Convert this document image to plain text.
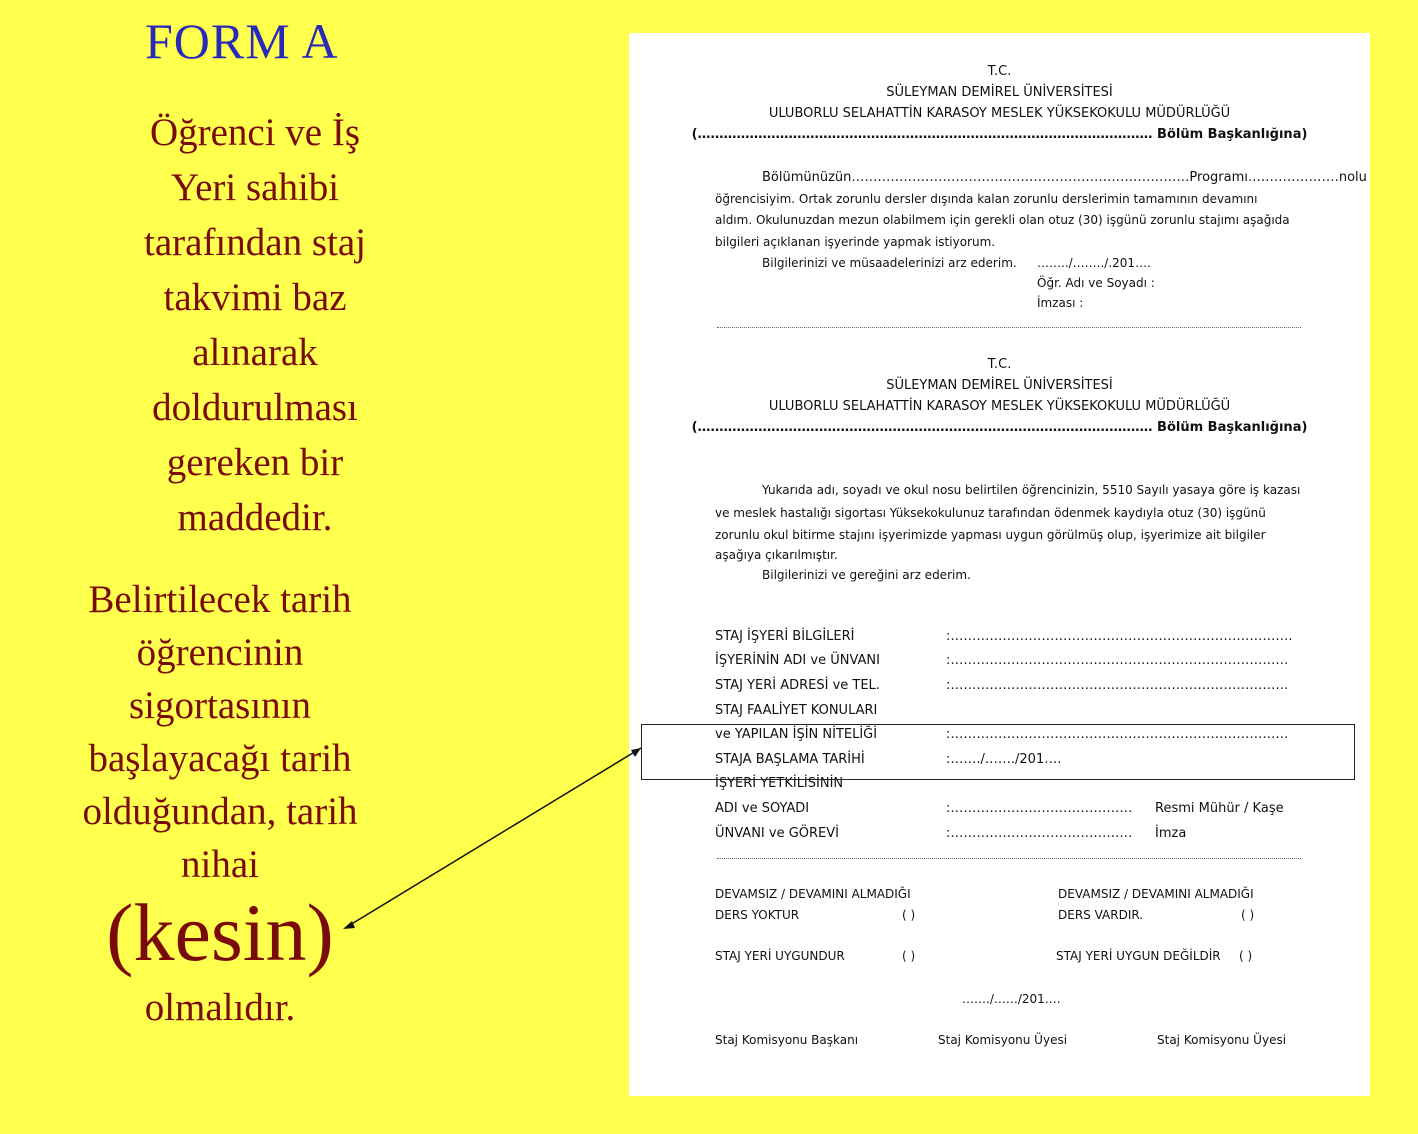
FORM A
Öğrenci ve İş
Yeri sahibi
tarafından staj
takvimi baz
alınarak
doldurulması
gereken bir
maddedir.
Belirtilecek tarih
öğrencinin
sigortasının
başlayacağı tarih
olduğundan, tarih
nihai
(kesin)
olmalıdır.
T.C.
SÜLEYMAN DEMİREL ÜNİVERSİTESİ
ULUBORLU SELAHATTİN KARASOY MESLEK YÜKSEKOKULU MÜDÜRLÜĞÜ
(…………………………………………………………………………………………… Bölüm Başkanlığına)
Bölümünüzün……………………………………………………………………Programı…………………nolu
öğrencisiyim. Ortak zorunlu dersler dışında kalan zorunlu derslerimin tamamının devamını
aldım. Okulunuzdan mezun olabilmem için gerekli olan otuz (30) işgünü zorunlu stajımı aşağıda
bilgileri açıklanan işyerinde yapmak istiyorum.
Bilgilerinizi ve müsaadelerinizi arz ederim. ……../……../.201….
Öğr. Adı ve Soyadı :
İmzası :
T.C.
SÜLEYMAN DEMİREL ÜNİVERSİTESİ
ULUBORLU SELAHATTİN KARASOY MESLEK YÜKSEKOKULU MÜDÜRLÜĞÜ
(…………………………………………………………………………………………… Bölüm Başkanlığına)
Yukarıda adı, soyadı ve okul nosu belirtilen öğrencinizin, 5510 Sayılı yasaya göre iş kazası
ve meslek hastalığı sigortası Yüksekokulunuz tarafından ödenmek kaydıyla otuz (30) işgünü
zorunlu okul bitirme stajını işyerimizde yapması uygun görülmüş olup, işyerimize ait bilgiler
aşağıya çıkarılmıştır.
Bilgilerinizi ve gereğini arz ederim.
STAJ İŞYERİ BİLGİLERİ	:…………………………………………………………………….
İŞYERİNİN ADI ve ÜNVANI	:……………………………………………………………………
STAJ YERİ ADRESİ ve TEL.	:……………………………………………………………………
STAJ FAALİYET KONULARI
ve YAPILAN İŞİN NİTELİĞİ	:……………………………………………………………………
STAJA BAŞLAMA TARİHİ	:……./……./201….
İŞYERİ YETKİLİSİNİN
ADI ve SOYADI	:…………………………………… Resmi Mühür / Kaşe
ÜNVANI ve GÖREVİ	:…………………………………… İmza
DEVAMSIZ / DEVAMINI ALMADIĞI
DERS YOKTUR	( )
DEVAMSIZ / DEVAMINI ALMADIĞI
DERS VARDIR.	( )
STAJ YERİ UYGUNDUR	( )	STAJ YERİ UYGUN DEĞİLDİR ( )
……./……/201….
Staj Komisyonu Başkanı	Staj Komisyonu Üyesi	Staj Komisyonu Üyesi
